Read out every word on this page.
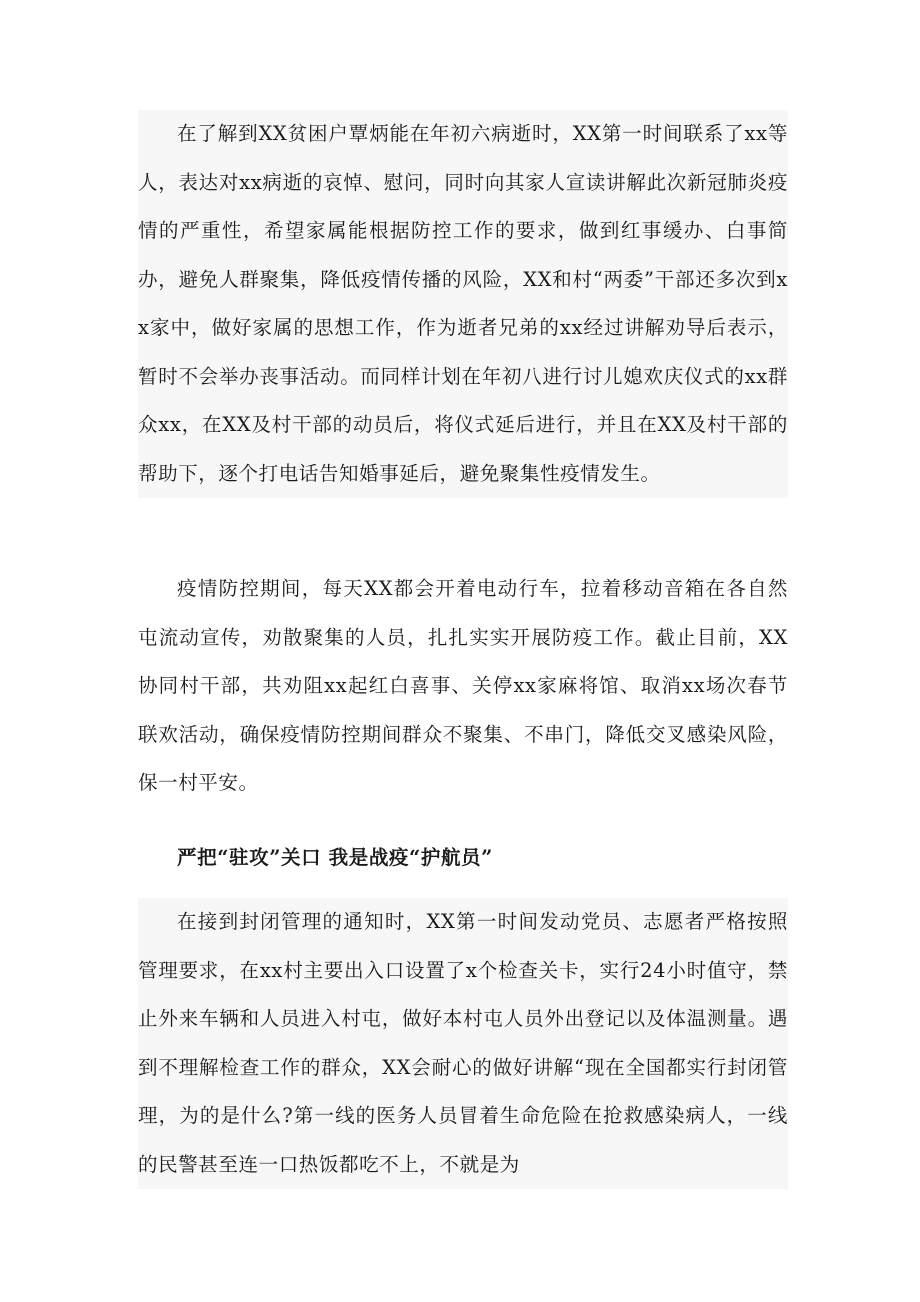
在了解到XX贫困户覃炳能在年初六病逝时，XX第一时间联系了xx等人，表达对xx病逝的哀悼、慰问，同时向其家人宣读讲解此次新冠肺炎疫情的严重性，希望家属能根据防控工作的要求，做到红事缓办、白事简办，避免人群聚集，降低疫情传播的风险，XX和村“两委”干部还多次到xx家中，做好家属的思想工作，作为逝者兄弟的xx经过讲解劝导后表示，暂时不会举办丧事活动。而同样计划在年初八进行讨儿媳欢庆仪式的xx群众xx，在XX及村干部的动员后，将仪式延后进行，并且在XX及村干部的帮助下，逐个打电话告知婚事延后，避免聚集性疫情发生。

疫情防控期间，每天XX都会开着电动行车，拉着移动音箱在各自然屯流动宣传，劝散聚集的人员，扎扎实实开展防疫工作。截止目前，XX协同村干部，共劝阻xx起红白喜事、关停xx家麻将馆、取消xx场次春节联欢活动，确保疫情防控期间群众不聚集、不串门，降低交叉感染风险，保一村平安。

严把“驻攻”关口 我是战疫“护航员”

在接到封闭管理的通知时，XX第一时间发动党员、志愿者严格按照管理要求，在xx村主要出入口设置了x个检查关卡，实行24小时值守，禁止外来车辆和人员进入村屯，做好本村屯人员外出登记以及体温测量。遇到不理解检查工作的群众，XX会耐心的做好讲解“现在全国都实行封闭管理，为的是什么?第一线的医务人员冒着生命危险在抢救感染病人，一线的民警甚至连一口热饭都吃不上，不就是为
